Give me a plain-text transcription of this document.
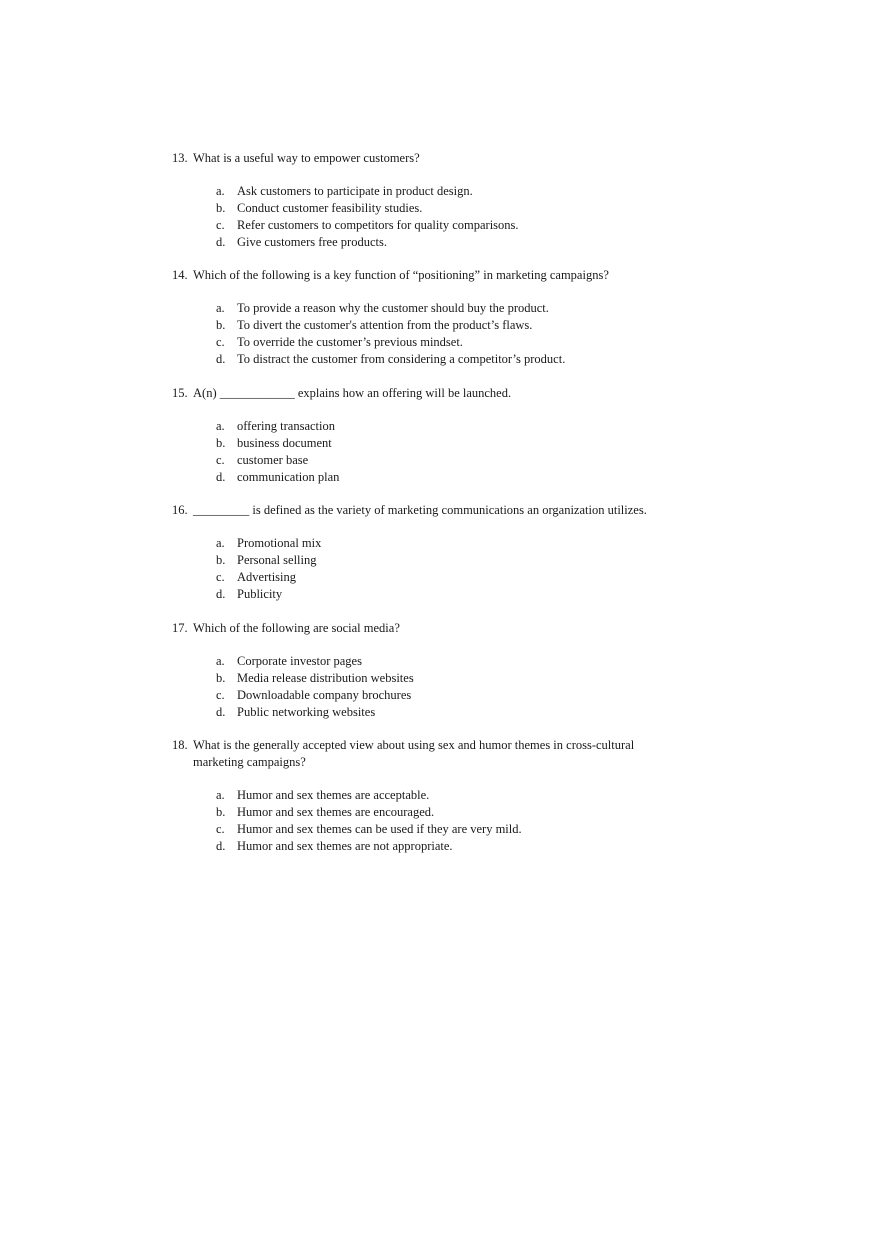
13. What is a useful way to empower customers?
a. Ask customers to participate in product design.
b. Conduct customer feasibility studies.
c. Refer customers to competitors for quality comparisons.
d. Give customers free products.
14. Which of the following is a key function of “positioning” in marketing campaigns?
a. To provide a reason why the customer should buy the product.
b. To divert the customer's attention from the product’s flaws.
c. To override the customer’s previous mindset.
d. To distract the customer from considering a competitor’s product.
15. A(n) ____________ explains how an offering will be launched.
a. offering transaction
b. business document
c. customer base
d. communication plan
16. _________ is defined as the variety of marketing communications an organization utilizes.
a. Promotional mix
b. Personal selling
c. Advertising
d. Publicity
17. Which of the following are social media?
a. Corporate investor pages
b. Media release distribution websites
c. Downloadable company brochures
d. Public networking websites
18. What is the generally accepted view about using sex and humor themes in cross-cultural marketing campaigns?
a. Humor and sex themes are acceptable.
b. Humor and sex themes are encouraged.
c. Humor and sex themes can be used if they are very mild.
d. Humor and sex themes are not appropriate.
